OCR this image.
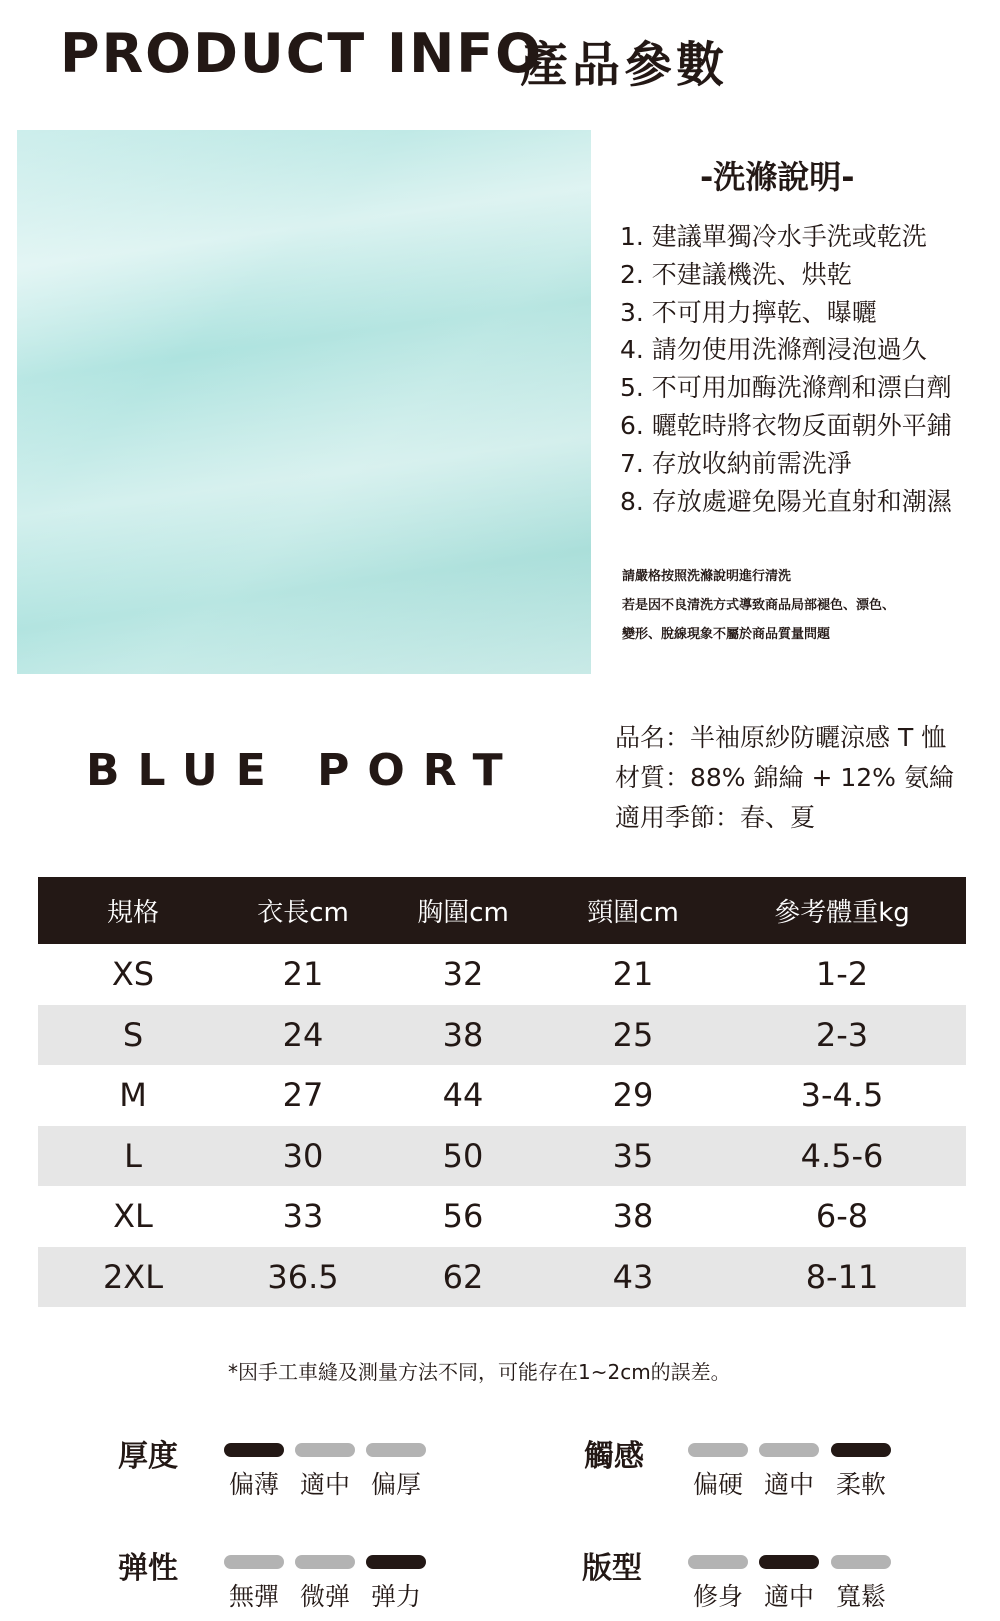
PRODUCT INFO
產品參數
-洗滌說明-
1. 建議單獨冷水手洗或乾洗
2. 不建議機洗、烘乾
3. 不可用力擰乾、曝曬
4. 請勿使用洗滌劑浸泡過久
5. 不可用加酶洗滌劑和漂白劑
6. 曬乾時將衣物反面朝外平鋪
7. 存放收納前需洗淨
8. 存放處避免陽光直射和潮濕
請嚴格按照洗滌說明進行清洗
若是因不良清洗方式導致商品局部褪色、漂色、
變形、脫線現象不屬於商品質量問題
BLUE PORT
品名：半袖原紗防曬涼感 T 恤
材質：88% 錦綸 + 12% 氨綸
適用季節：春、夏
規格	衣長cm	胸圍cm	頸圍cm	參考體重kg
XS	21	32	21	1-2
S	24	38	25	2-3
M	27	44	29	3-4.5
L	30	50	35	4.5-6
XL	33	56	38	6-8
2XL	36.5	62	43	8-11
*因手工車縫及測量方法不同，可能存在1~2cm的誤差。
厚度
偏薄 適中 偏厚
觸感
偏硬 適中 柔軟
弹性
無彈 微弹 弹力
版型
修身 適中 寬鬆
